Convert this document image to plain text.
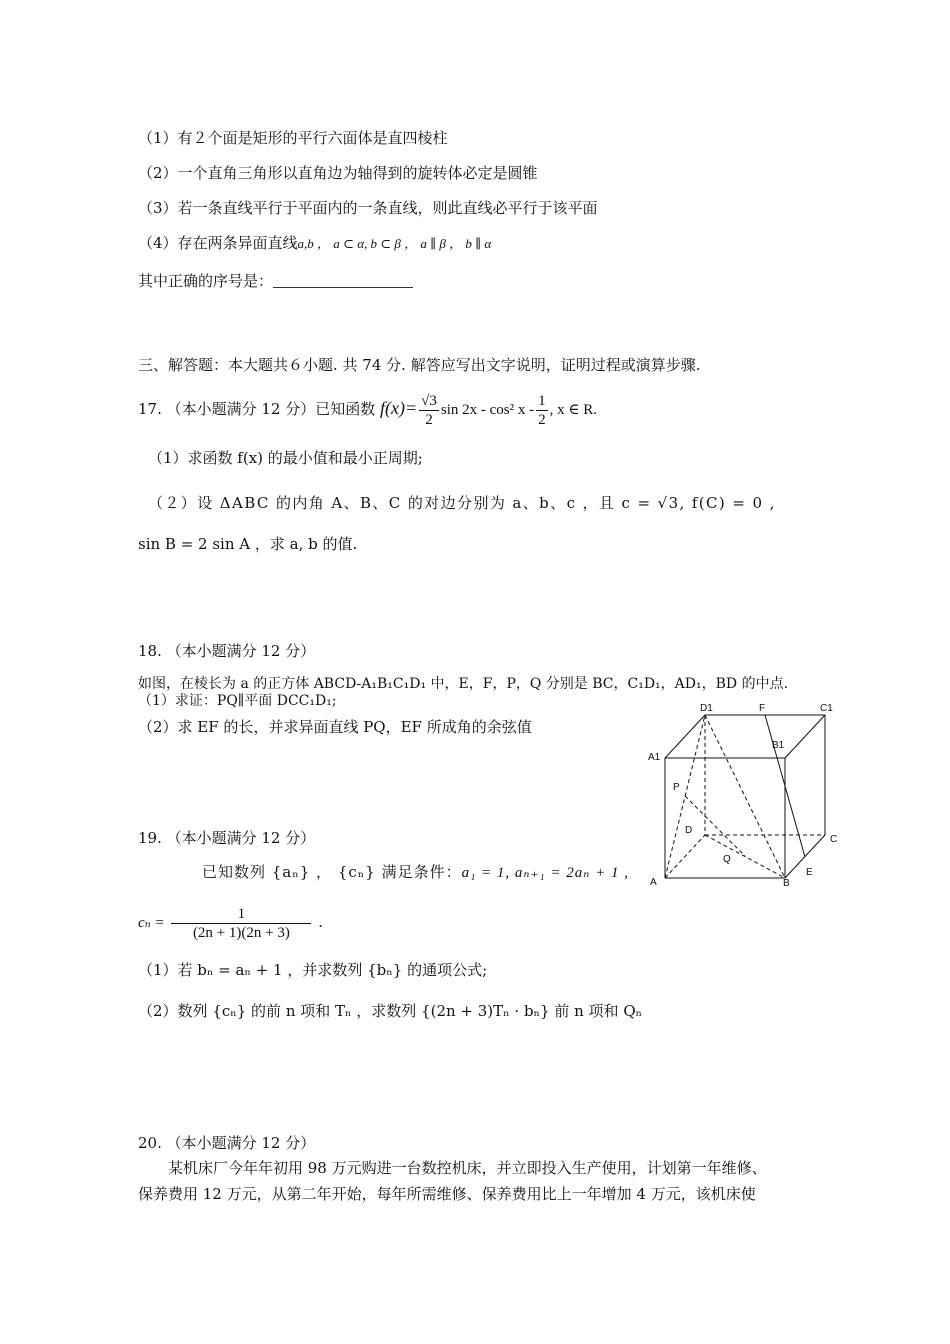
（1）有２个面是矩形的平行六面体是直四棱柱
（2）一个直角三角形以直角边为轴得到的旋转体必定是圆锥
（3）若一条直线平行于平面内的一条直线，则此直线必平行于该平面
（4）存在两条异面直线a,b ， a ⊂ α, b ⊂ β ， a ∥ β ， b ∥ α
其中正确的序号是：
三、解答题：本大题共６小题. 共 74 分. 解答应写出文字说明，证明过程或演算步骤.
17. （本小题满分 12 分）已知函数 $f(x)= \frac{√3}{2}$ sin 2x - cos² x - $\frac{1}{2}$ , x ∈ R.
（1）求函数 f(x) 的最小值和最小正周期;
（２）设 ΔABC 的内角 A、B、C 的对边分别为 a、b、c ，且 c = √3, f(C) = 0 ,
sin B = 2 sin A ，求 a, b 的值.
18. （本小题满分 12 分）
如图，在棱长为 a 的正方体 ABCD-A₁B₁C₁D₁ 中，E，F，P，Q 分别是 BC，C₁D₁，AD₁，BD 的中点.
（1）求证：PQ∥平面 DCC₁D₁;
（2）求 EF 的长，并求异面直线 PQ，EF 所成角的余弦值
D1	F	C1
B1
A1
P
D
C
Q
A	B
E
19. （本小题满分 12 分）
已知数列 {aₙ} ， {cₙ} 满足条件：a₁ = 1, aₙ₊₁ = 2aₙ + 1 ,
$c_n = \frac{1}{(2n + 1)(2n + 3)}$ .
（1）若 bₙ = aₙ + 1 ，并求数列 {bₙ} 的通项公式;
（2）数列 {cₙ} 的前 n 项和 Tₙ ，求数列 {(2n + 3)Tₙ · bₙ} 前 n 项和 Qₙ
20. （本小题满分 12 分）
某机床厂今年年初用 98 万元购进一台数控机床，并立即投入生产使用，计划第一年维修、
保养费用 12 万元，从第二年开始，每年所需维修、保养费用比上一年增加 4 万元，该机床使
